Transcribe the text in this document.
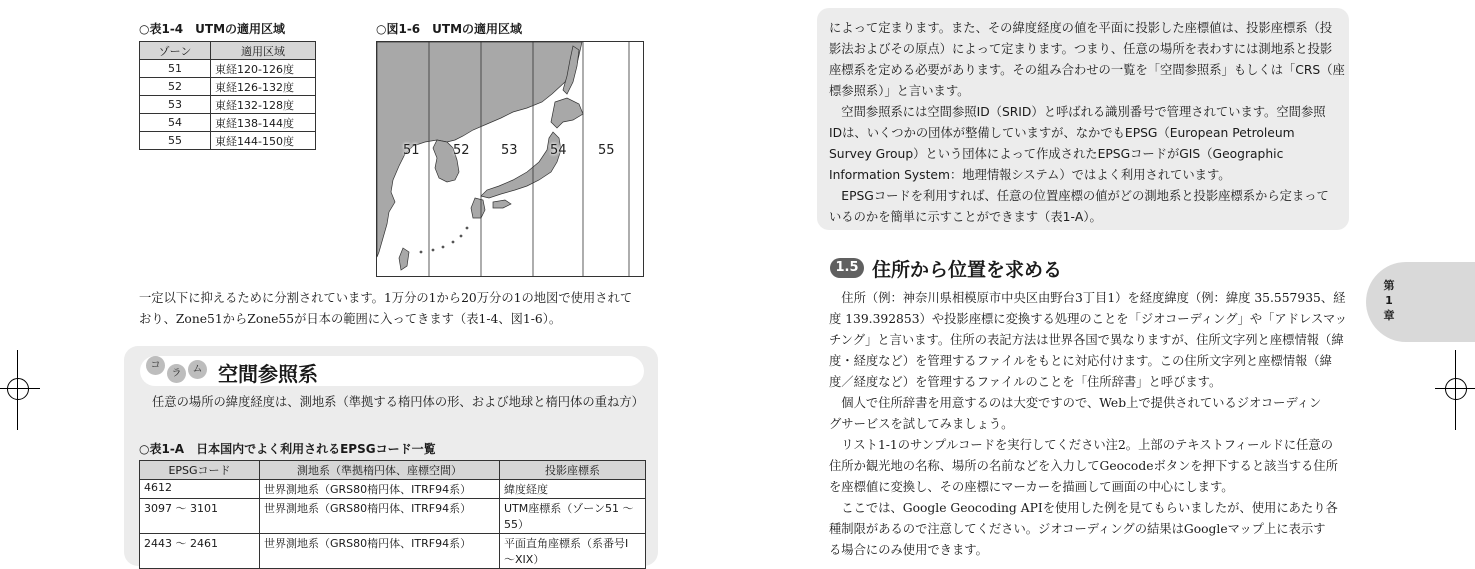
○表1-4　UTMの適用区域
ゾーン	適用区域
51	東経120-126度
52	東経126-132度
53	東経132-128度
54	東経138-144度
55	東経144-150度
○図1-6　UTMの適用区域
51	52 53 54 55
一定以下に抑えるために分割されています。1万分の1から20万分の1の地図で使用されて
おり、Zone51からZone55が日本の範囲に入ってきます（表1-4、図1-6）。
コ
ラ	ム 空間参照系
任意の場所の緯度経度は、測地系（準拠する楕円体の形、および地球と楕円体の重ね方）
○表1-A　日本国内でよく利用されるEPSGコード一覧
EPSGコード	測地系（準拠楕円体、座標空間）	投影座標系
4612	世界測地系（GRS80楕円体、ITRF94系）	緯度経度
3097 ～ 3101	世界測地系（GRS80楕円体、ITRF94系）	UTM座標系（ゾーン51 ～ 55）
2443 ～ 2461	世界測地系（GRS80楕円体、ITRF94系）	平面直角座標系（系番号I ～XIX）
によって定まります。また、その緯度経度の値を平面に投影した座標値は、投影座標系（投
影法およびその原点）によって定まります。つまり、任意の場所を表わすには測地系と投影
座標系を定める必要があります。その組み合わせの一覧を「空間参照系」もしくは「CRS（座
標参照系）」と言います。
　空間参照系には空間参照ID（SRID）と呼ばれる識別番号で管理されています。空間参照
IDは、いくつかの団体が整備していますが、なかでもEPSG（European Petroleum
Survey Group）という団体によって作成されたEPSGコードがGIS（Geographic
Information System：地理情報システム）ではよく利用されています。
　EPSGコードを利用すれば、任意の位置座標の値がどの測地系と投影座標系から定まって
いるのかを簡単に示すことができます（表1-A）。
1.5 住所から位置を求める
　住所（例：神奈川県相模原市中央区由野台3丁目1）を経度緯度（例：緯度 35.557935、経
度 139.392853）や投影座標に変換する処理のことを「ジオコーディング」や「アドレスマッ
チング」と言います。住所の表記方法は世界各国で異なりますが、住所文字列と座標情報（緯
度・経度など）を管理するファイルをもとに対応付けます。この住所文字列と座標情報（緯
度／経度など）を管理するファイルのことを「住所辞書」と呼びます。
　個人で住所辞書を用意するのは大変ですので、Web上で提供されているジオコーディン
グサービスを試してみましょう。
　リスト1-1のサンプルコードを実行してください注2。上部のテキストフィールドに任意の
住所か観光地の名称、場所の名前などを入力してGeocodeボタンを押下すると該当する住所
を座標値に変換し、その座標にマーカーを描画して画面の中心にします。
　ここでは、Google Geocoding APIを使用した例を見てもらいましたが、使用にあたり各
種制限があるので注意してください。ジオコーディングの結果はGoogleマップ上に表示す
る場合にのみ使用できます。
第
1
章
